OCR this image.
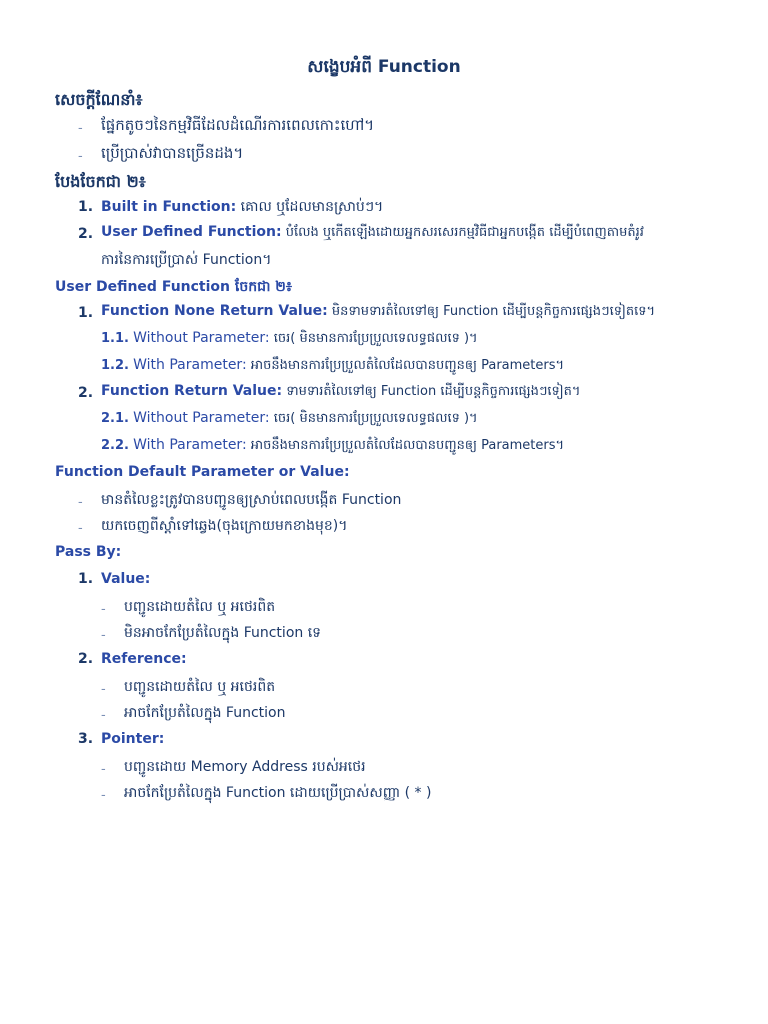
សង្ខេបអំពី Function
សេចក្ដីណែនាំ៖
- ផ្នែកតូចៗនៃកម្មវិធីដែលដំណើរការពេលកោះហៅ។
- ប្រើប្រាស់វាបានច្រើនដង។
បែងចែកជា ២៖
1. Built in Function: គោល ឬដែលមានស្រាប់ៗ។
2. User Defined Function: បំលែង ឬកើតឡើងដោយអ្នកសរសេរកម្មវិធីជាអ្នកបង្កើត ដើម្បីបំពេញតាមតំរូវ
ការនៃការប្រើប្រាស់ Function។
User Defined Function ចែកជា ២៖
1. Function None Return Value: មិនទាមទារតំលៃទៅឲ្យ Function ដើម្បីបន្តកិច្ចការផ្សេងៗទៀតទេ។
1.1. Without Parameter: ចេរ( មិនមានការប្រែប្រួលទេលទ្ធផលទេ )។
1.2. With Parameter: អាចនឹងមានការប្រែប្រួលតំលៃដែលបានបញ្ជូនឲ្យ Parameters។
2. Function Return Value: ទាមទារតំលៃទៅឲ្យ Function ដើម្បីបន្តកិច្ចការផ្សេងៗទៀត។
2.1. Without Parameter: ចេរ( មិនមានការប្រែប្រួលទេលទ្ធផលទេ )។
2.2. With Parameter: អាចនឹងមានការប្រែប្រួលតំលៃដែលបានបញ្ជូនឲ្យ Parameters។
Function Default Parameter or Value:
- មានតំលៃខ្លះត្រូវបានបញ្ជូនឲ្យស្រាប់ពេលបង្កើត Function
- យកចេញពីស្ដាំទៅឆ្វេង(ចុងក្រោយមកខាងមុខ)។
Pass By:
1. Value:
- បញ្ជូនដោយតំលៃ ឬ អថេរពិត
- មិនអាចកែប្រែតំលៃក្នុង Function ទេ
2. Reference:
- បញ្ជូនដោយតំលៃ ឬ អថេរពិត
- អាចកែប្រែតំលៃក្នុង Function
3. Pointer:
- បញ្ជូនដោយ Memory Address របស់អថេរ
- អាចកែប្រែតំលៃក្នុង Function ដោយប្រើប្រាស់សញ្ញា ( * )
